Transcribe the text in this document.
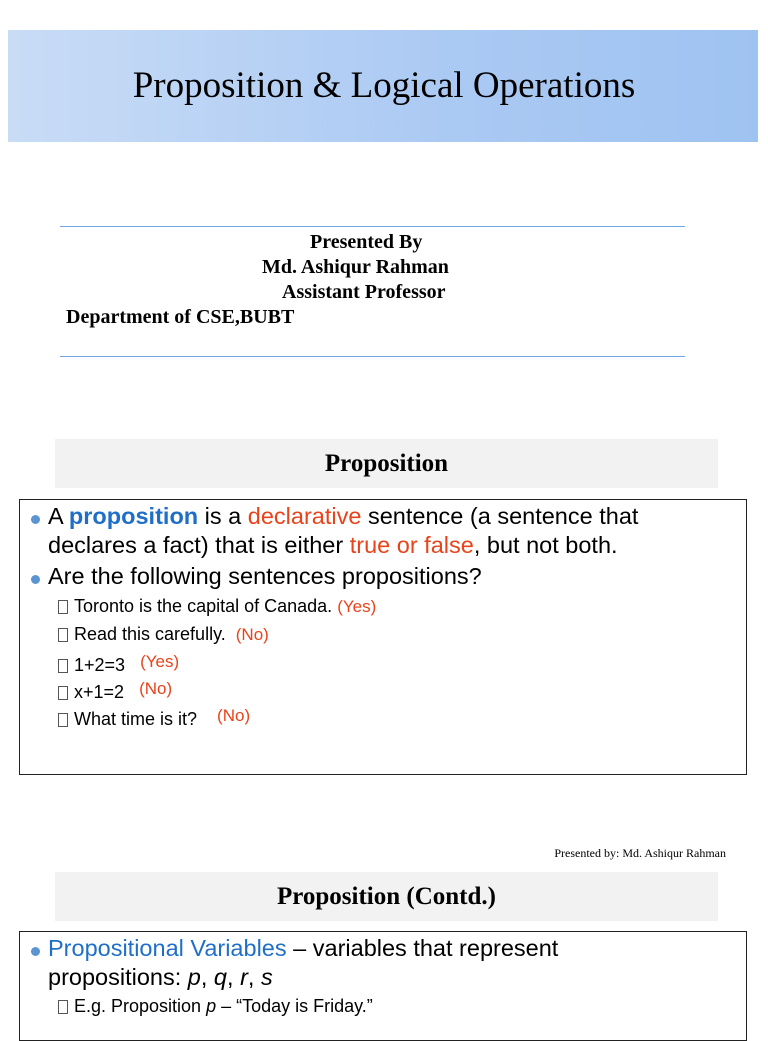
Proposition & Logical Operations
Presented By
Md. Ashiqur Rahman
Assistant Professor
Department of CSE,BUBT
Proposition
A proposition is a declarative sentence (a sentence that
declares a fact) that is either true or false, but not both.
Are the following sentences propositions?
Toronto is the capital of Canada. (Yes)
Read this carefully. (No)
1+2=3 (Yes)
x+1=2 (No)
What time is it? (No)
Presented by: Md. Ashiqur Rahman
Proposition (Contd.)
Propositional Variables – variables that represent
propositions: p, q, r, s
E.g. Proposition p – “Today is Friday.”
